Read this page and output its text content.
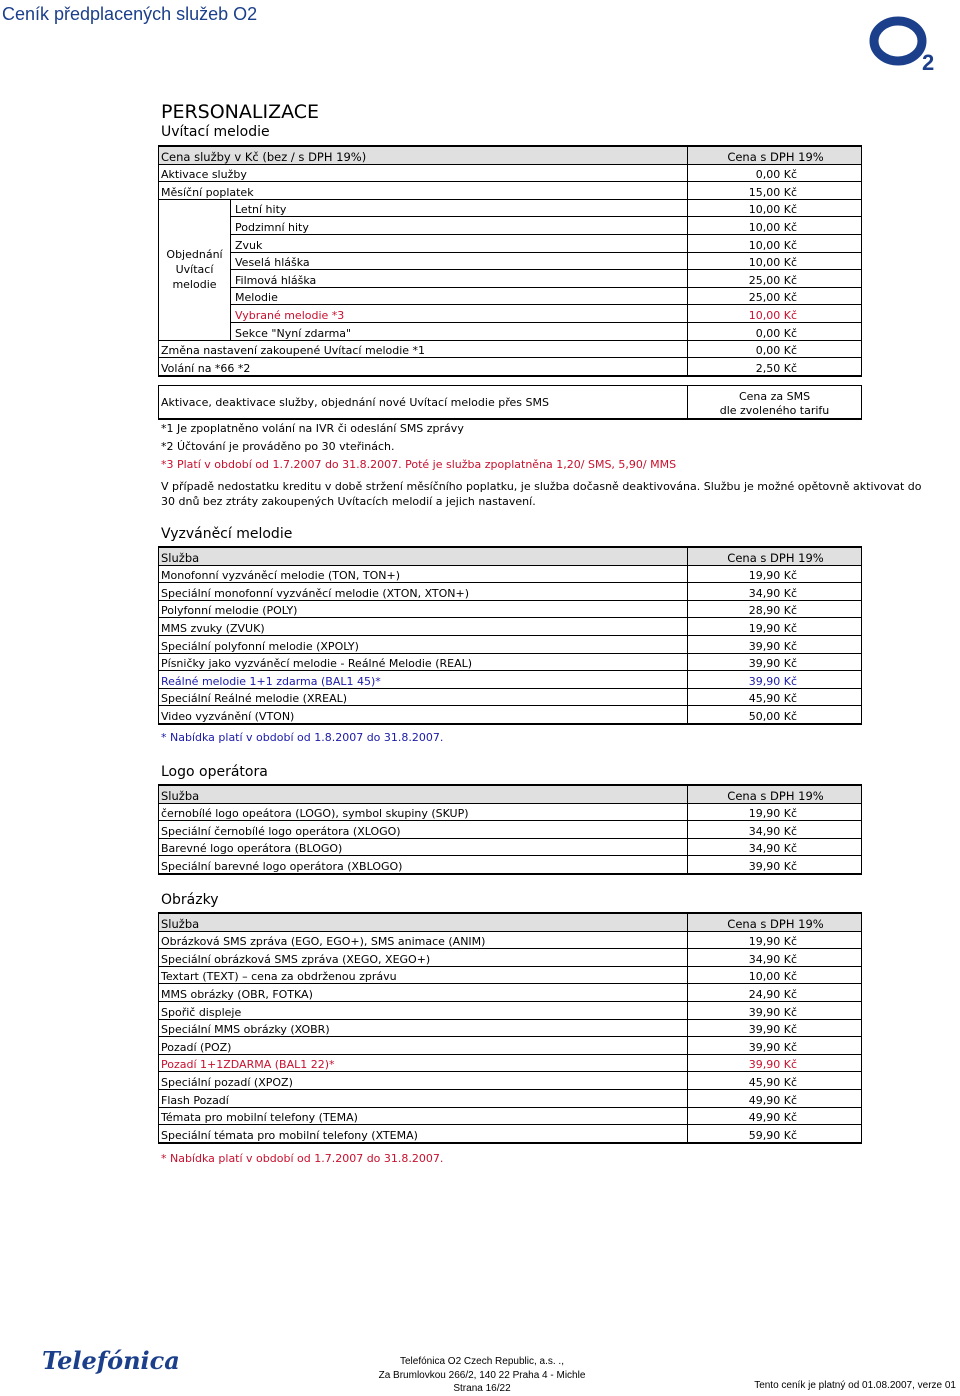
Ceník předplacených služeb O2
2
PERSONALIZACE
Uvítací melodie
Cena služby v Kč (bez / s DPH 19%)		Cena s DPH 19%
Aktivace služby		0,00 Kč
Měsíční poplatek		15,00 Kč
Objednání Uvítací melodie	Letní hity	10,00 Kč
	Podzimní hity	10,00 Kč
	Zvuk	10,00 Kč
	Veselá hláška	10,00 Kč
	Filmová hláška	25,00 Kč
	Melodie	25,00 Kč
	Vybrané melodie *3	10,00 Kč
	Sekce "Nyní zdarma"	0,00 Kč
Změna nastavení zakoupené Uvítací melodie *1		0,00 Kč
Volání na *66 *2		2,50 Kč
Aktivace, deaktivace služby, objednání nové Uvítací melodie přes SMS	Cena za SMS
dle zvoleného tarifu
*1 Je zpoplatněno volání na IVR či odeslání SMS zprávy
*2 Účtování je prováděno po 30 vteřinách.
*3 Platí v období od 1.7.2007 do 31.8.2007. Poté je služba zpoplatněna 1,20/ SMS, 5,90/ MMS
V případě nedostatku kreditu v době stržení měsíčního poplatku, je služba dočasně deaktivována. Službu je možné opětovně aktivovat do
30 dnů bez ztráty zakoupených Uvítacích melodií a jejich nastavení.
Vyzváněcí melodie
Služba	Cena s DPH 19%
Monofonní vyzváněcí melodie (TON, TON+)	19,90 Kč
Speciální monofonní vyzváněcí melodie (XTON, XTON+)	34,90 Kč
Polyfonní melodie (POLY)	28,90 Kč
MMS zvuky (ZVUK)	19,90 Kč
Speciální polyfonní melodie (XPOLY)	39,90 Kč
Písničky jako vyzváněcí melodie - Reálné Melodie (REAL)	39,90 Kč
Reálné melodie 1+1 zdarma (BAL1 45)*	39,90 Kč
Speciální Reálné melodie (XREAL)	45,90 Kč
Video vyzvánění (VTON)	50,00 Kč
* Nabídka platí v období od 1.8.2007 do 31.8.2007.
Logo operátora
Služba	Cena s DPH 19%
černobílé logo opeátora (LOGO), symbol skupiny (SKUP)	19,90 Kč
Speciální černobílé logo operátora (XLOGO)	34,90 Kč
Barevné logo operátora (BLOGO)	34,90 Kč
Speciální barevné logo operátora (XBLOGO)	39,90 Kč
Obrázky
Služba	Cena s DPH 19%
Obrázková SMS zpráva (EGO, EGO+), SMS animace (ANIM)	19,90 Kč
Speciální obrázková SMS zpráva (XEGO, XEGO+)	34,90 Kč
Textart (TEXT) – cena za obdrženou zprávu	10,00 Kč
MMS obrázky (OBR, FOTKA)	24,90 Kč
Spořič displeje	39,90 Kč
Speciální MMS obrázky (XOBR)	39,90 Kč
Pozadí (POZ)	39,90 Kč
Pozadí 1+1ZDARMA (BAL1 22)*	39,90 Kč
Speciální pozadí (XPOZ)	45,90 Kč
Flash Pozadí	49,90 Kč
Témata pro mobilní telefony (TEMA)	49,90 Kč
Speciální témata pro mobilní telefony (XTEMA)	59,90 Kč
* Nabídka platí v období od 1.7.2007 do 31.8.2007.
Telefónica	Telefónica O2 Czech Republic, a.s. .,
Za Brumlovkou 266/2, 140 22 Praha 4 - Michle
Strana 16/22	Tento ceník je platný od 01.08.2007, verze 01
